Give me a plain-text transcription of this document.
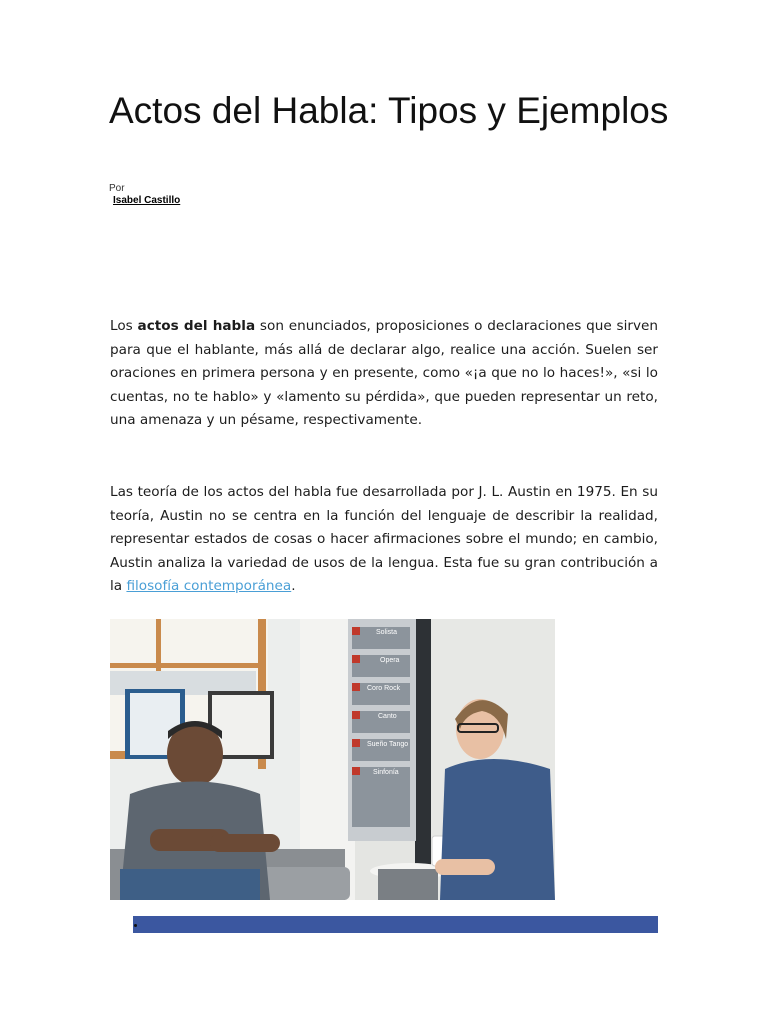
Actos del Habla: Tipos y Ejemplos
Por
Isabel Castillo

Los actos del habla son enunciados, proposiciones o declaraciones que sirven para que el hablante, más allá de declarar algo, realice una acción. Suelen ser oraciones en primera persona y en presente, como «¡a que no lo haces!», «si lo cuentas, no te hablo» y «lamento su pérdida», que pueden representar un reto, una amenaza y un pésame, respectivamente.

Las teoría de los actos del habla fue desarrollada por J. L. Austin en 1975. En su teoría, Austin no se centra en la función del lenguaje de describir la realidad, representar estados de cosas o hacer afirmaciones sobre el mundo; en cambio, Austin analiza la variedad de usos de la lengua. Esta fue su gran contribución a la filosofía contemporánea.

Solista
Opera
Coro Rock
Canto
Sueño Tango
Sinfonía
